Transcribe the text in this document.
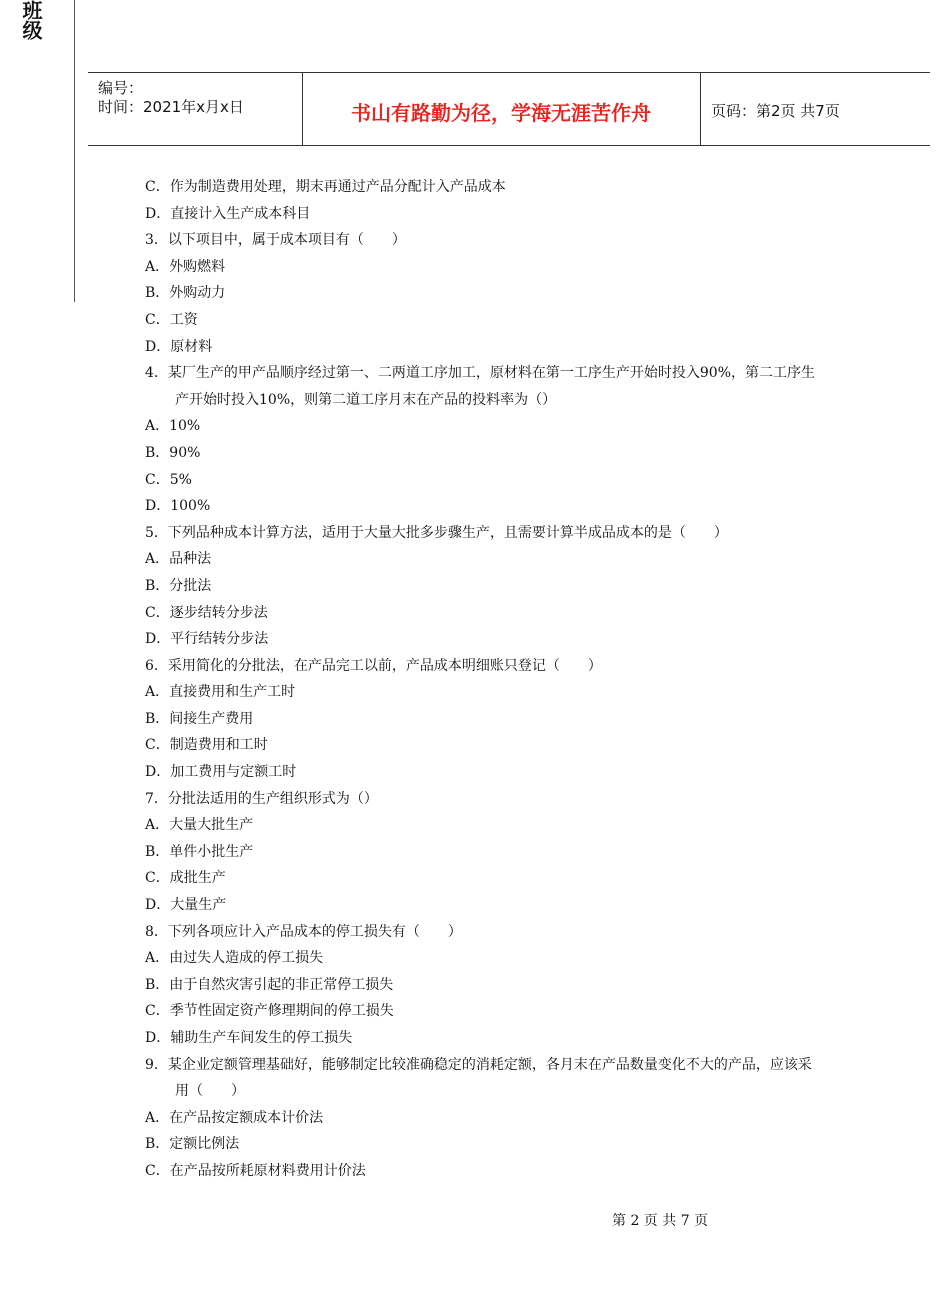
班级
编号：
时间：2021年x月x日	书山有路勤为径，学海无涯苦作舟	页码：第2页 共7页
C．作为制造费用处理，期末再通过产品分配计入产品成本
D．直接计入生产成本科目
3．以下项目中，属于成本项目有（　　）
A．外购燃料
B．外购动力
C．工资
D．原材料
4．某厂生产的甲产品顺序经过第一、二两道工序加工，原材料在第一工序生产开始时投入90%，第二工序生
产开始时投入10%，则第二道工序月末在产品的投料率为（）
A．10%
B．90%
C．5%
D．100%
5．下列品种成本计算方法，适用于大量大批多步骤生产，且需要计算半成品成本的是（　　）
A．品种法
B．分批法
C．逐步结转分步法
D．平行结转分步法
6．采用简化的分批法，在产品完工以前，产品成本明细账只登记（　　）
A．直接费用和生产工时
B．间接生产费用
C．制造费用和工时
D．加工费用与定额工时
7．分批法适用的生产组织形式为（）
A．大量大批生产
B．单件小批生产
C．成批生产
D．大量生产
8．下列各项应计入产品成本的停工损失有（　　）
A．由过失人造成的停工损失
B．由于自然灾害引起的非正常停工损失
C．季节性固定资产修理期间的停工损失
D．辅助生产车间发生的停工损失
9．某企业定额管理基础好，能够制定比较准确稳定的消耗定额，各月末在产品数量变化不大的产品，应该采
用（　　）
A．在产品按定额成本计价法
B．定额比例法
C．在产品按所耗原材料费用计价法
第 2 页 共 7 页
